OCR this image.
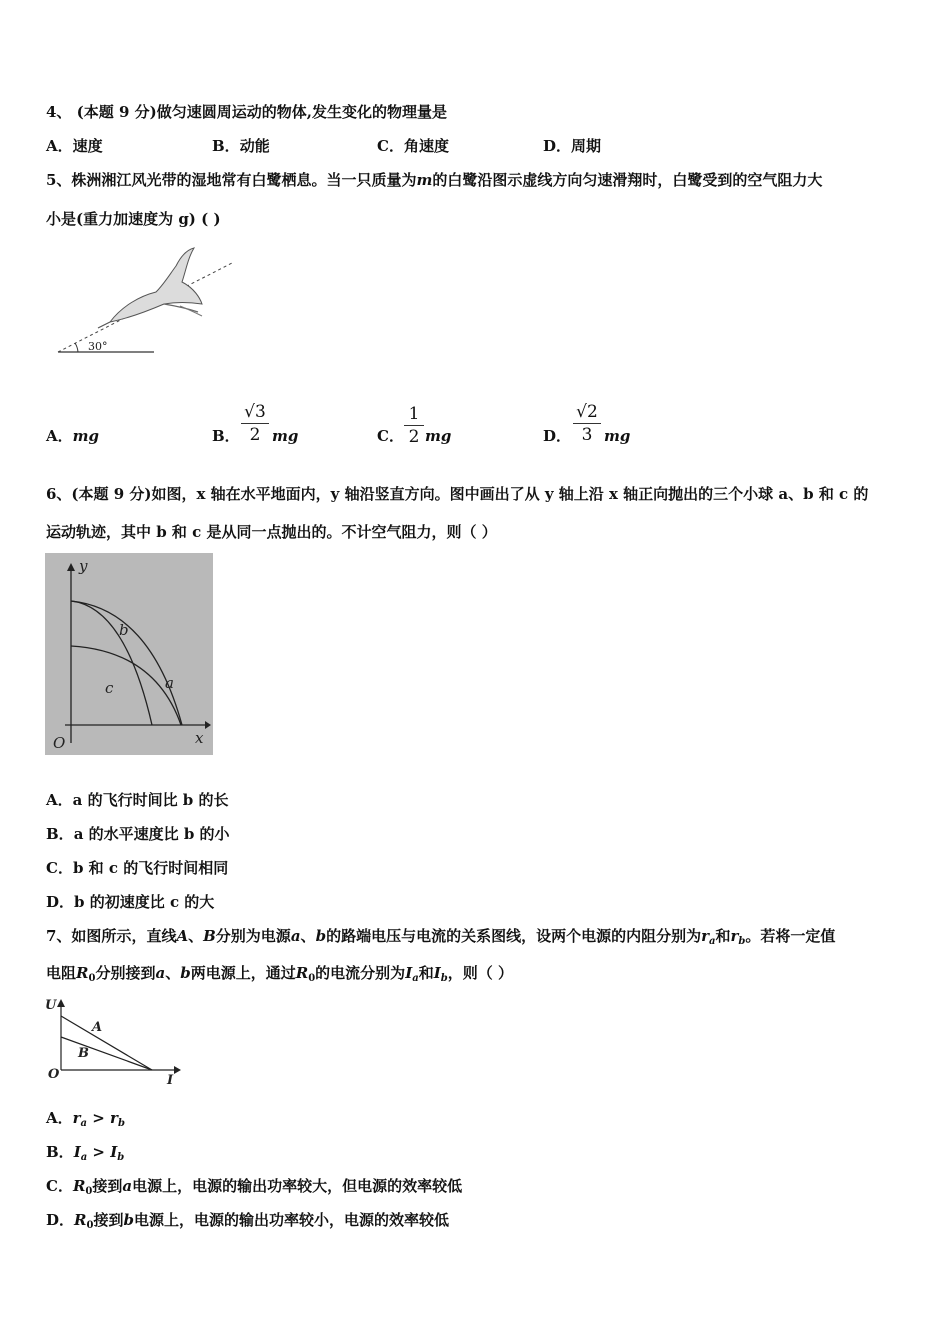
4、 (本题 9 分)做匀速圆周运动的物体,发生变化的物理量是
A．速度	B．动能	C．角速度	D．周期
5、株洲湘江风光带的湿地常有白鹭栖息。当一只质量为m的白鹭沿图示虚线方向匀速滑翔时，白鹭受到的空气阻力大
小是(重力加速度为 g) ( )
30°
A．mg	B．
√3
2 mg	C．
1
2 mg	D．
√2
3 mg
6、(本题 9 分)如图，x 轴在水平地面内，y 轴沿竖直方向。图中画出了从 y 轴上沿 x 轴正向抛出的三个小球 a、b 和 c 的
运动轨迹，其中 b 和 c 是从同一点抛出的。不计空气阻力，则（ ）
y
x
O
b
c	a
A．a 的飞行时间比 b 的长
B．a 的水平速度比 b 的小
C．b 和 c 的飞行时间相同
D．b 的初速度比 c 的大
7、如图所示，直线A、B分别为电源a、b的路端电压与电流的关系图线，设两个电源的内阻分别为$r_a$和$r_b$。若将一定值
电阻$R_0$分别接到a、b两电源上，通过$R_0$的电流分别为$I_a$和$I_b$，则（ ）
U
I
O
A
B
A．$r_a > r_b$
B．$I_a > I_b$
C．$R_0$接到a电源上，电源的输出功率较大，但电源的效率较低
D．$R_0$接到b电源上，电源的输出功率较小，电源的效率较低
